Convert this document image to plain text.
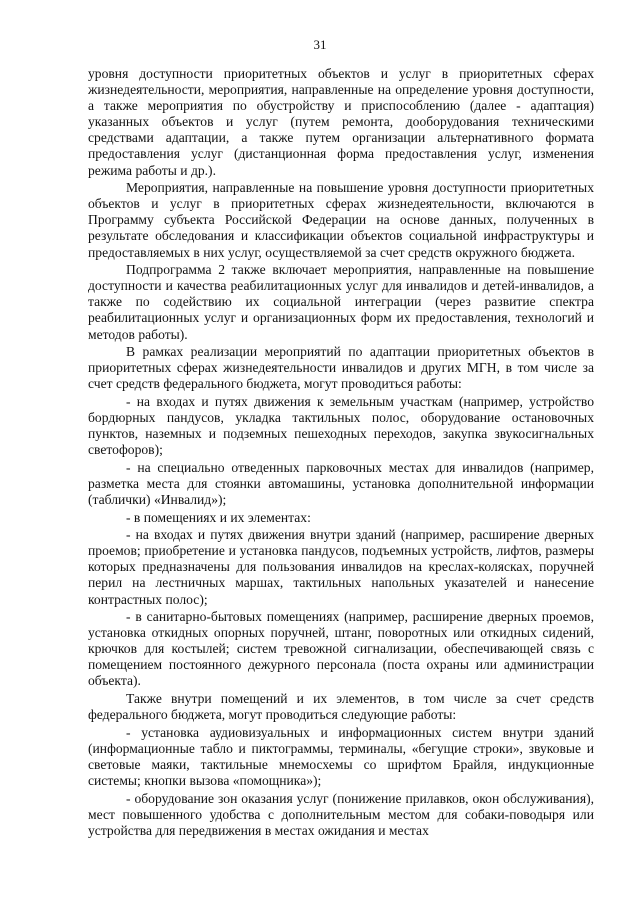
31

уровня доступности приоритетных объектов и услуг в приоритетных сферах жизнедеятельности, мероприятия, направленные на определение уровня доступности, а также мероприятия по обустройству и приспособлению (далее - адаптация) указанных объектов и услуг (путем ремонта, дооборудования техническими средствами адаптации, а также путем организации альтернативного формата предоставления услуг (дистанционная форма предоставления услуг, изменения режима работы и др.).

Мероприятия, направленные на повышение уровня доступности приоритетных объектов и услуг в приоритетных сферах жизнедеятельности, включаются в Программу субъекта Российской Федерации на основе данных, полученных в результате обследования и классификации объектов социальной инфраструктуры и предоставляемых в них услуг, осуществляемой за счет средств окружного бюджета.

Подпрограмма 2 также включает мероприятия, направленные на повышение доступности и качества реабилитационных услуг для инвалидов и детей-инвалидов, а также по содействию их социальной интеграции (через развитие спектра реабилитационных услуг и организационных форм их предоставления, технологий и методов работы).

В рамках реализации мероприятий по адаптации приоритетных объектов в приоритетных сферах жизнедеятельности инвалидов и других МГН, в том числе за счет средств федерального бюджета, могут проводиться работы:

- на входах и путях движения к земельным участкам (например, устройство бордюрных пандусов, укладка тактильных полос, оборудование остановочных пунктов, наземных и подземных пешеходных переходов, закупка звукосигнальных светофоров);

- на специально отведенных парковочных местах для инвалидов (например, разметка места для стоянки автомашины, установка дополнительной информации (таблички) «Инвалид»);

- в помещениях и их элементах:

- на входах и путях движения внутри зданий (например, расширение дверных проемов; приобретение и установка пандусов, подъемных устройств, лифтов, размеры которых предназначены для пользования инвалидов на креслах-колясках, поручней перил на лестничных маршах, тактильных напольных указателей и нанесение контрастных полос);

- в санитарно-бытовых помещениях (например, расширение дверных проемов, установка откидных опорных поручней, штанг, поворотных или откидных сидений, крючков для костылей; систем тревожной сигнализации, обеспечивающей связь с помещением постоянного дежурного персонала (поста охраны или администрации объекта).

Также внутри помещений и их элементов, в том числе за счет средств федерального бюджета, могут проводиться следующие работы:

- установка аудиовизуальных и информационных систем внутри зданий (информационные табло и пиктограммы, терминалы, «бегущие строки», звуковые и световые маяки, тактильные мнемосхемы со шрифтом Брайля, индукционные системы; кнопки вызова «помощника»);

- оборудование зон оказания услуг (понижение прилавков, окон обслуживания), мест повышенного удобства с дополнительным местом для собаки-поводыря или устройства для передвижения в местах ожидания и местах
